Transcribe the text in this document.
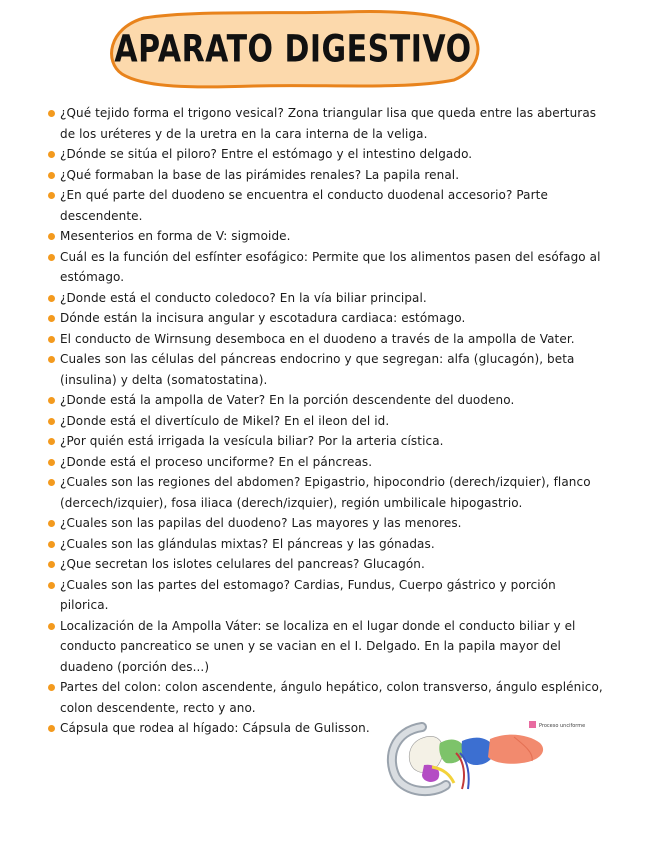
APARATO DIGESTIVO
¿Qué tejido forma el trigono vesical? Zona triangular lisa que queda entre las aberturas de los uréteres y de la uretra en la cara interna de la veliga.
¿Dónde se sitúa el piloro? Entre el estómago y el intestino delgado.
¿Qué formaban la base de las pirámides renales? La papila renal.
¿En qué parte del duodeno se encuentra el conducto duodenal accesorio? Parte descendente.
Mesenterios en forma de V: sigmoide.
Cuál es la función del esfínter esofágico: Permite que los alimentos pasen del esófago al estómago.
¿Donde está el conducto coledoco? En la vía biliar principal.
Dónde están la incisura angular y escotadura cardiaca: estómago.
El conducto de Wirnsung desemboca en el duodeno a través de la ampolla de Vater.
Cuales son las células del páncreas endocrino y que segregan: alfa (glucagón), beta (insulina) y delta (somatostatina).
¿Donde está la ampolla de Vater? En la porción descendente del duodeno.
¿Donde está el divertículo de Mikel? En el ileon del id.
¿Por quién está irrigada la vesícula biliar? Por la arteria cística.
¿Donde está el proceso unciforme? En el páncreas.
¿Cuales son las regiones del abdomen? Epigastrio, hipocondrio (derech/izquier), flanco (dercech/izquier), fosa iliaca (derech/izquier), región umbilicale hipogastrio.
¿Cuales son las papilas del duodeno? Las mayores y las menores.
¿Cuales son las glándulas mixtas? El páncreas y las gónadas.
¿Que secretan los islotes celulares del pancreas? Glucagón.
¿Cuales son las partes del estomago? Cardias, Fundus, Cuerpo gástrico y porción pilorica.
Localización de la Ampolla Váter: se localiza en el lugar donde el conducto biliar y el conducto pancreatico se unen y se vacian en el I. Delgado. En la papila mayor del duadeno (porción des...)
Partes del colon: colon ascendente, ángulo hepático, colon transverso, ángulo esplénico, colon descendente, recto y ano.
Cápsula que rodea al hígado: Cápsula de Gulisson.	Proceso unciforme
